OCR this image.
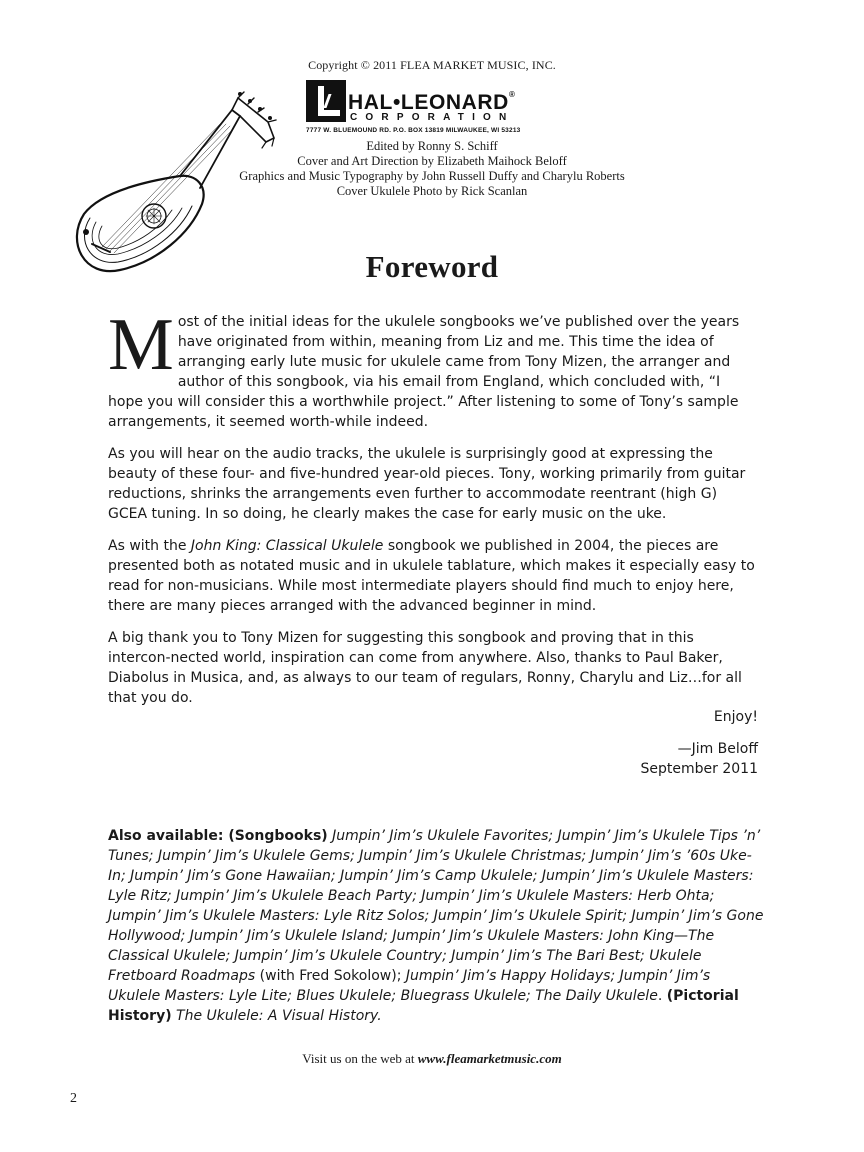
Copyright © 2011 FLEA MARKET MUSIC, INC.
HAL•LEONARD®
CORPORATION
7777 W. BLUEMOUND RD. P.O. BOX 13819 MILWAUKEE, WI 53213
Edited by Ronny S. Schiff
Cover and Art Direction by Elizabeth Maihock Beloff
Graphics and Music Typography by John Russell Duffy and Charylu Roberts
Cover Ukulele Photo by Rick Scanlan
Foreword

Most of the initial ideas for the ukulele songbooks we’ve published over the years have originated from within, meaning from Liz and me. This time the idea of arranging early lute music for ukulele came from Tony Mizen, the arranger and author of this songbook, via his email from England, which concluded with, “I hope you will consider this a worthwhile project.” After listening to some of Tony’s sample arrangements, it seemed worth-while indeed.

As you will hear on the audio tracks, the ukulele is surprisingly good at expressing the beauty of these four- and five-hundred year-old pieces. Tony, working primarily from guitar reductions, shrinks the arrangements even further to accommodate reentrant (high G) GCEA tuning. In so doing, he clearly makes the case for early music on the uke.

As with the John King: Classical Ukulele songbook we published in 2004, the pieces are presented both as notated music and in ukulele tablature, which makes it especially easy to read for non-musicians. While most intermediate players should find much to enjoy here, there are many pieces arranged with the advanced beginner in mind.

A big thank you to Tony Mizen for suggesting this songbook and proving that in this intercon-nected world, inspiration can come from anywhere. Also, thanks to Paul Baker, Diabolus in Musica, and, as always to our team of regulars, Ronny, Charylu and Liz…for all that you do.

Enjoy!
—Jim Beloff
September 2011
Also available: (Songbooks) Jumpin’ Jim’s Ukulele Favorites; Jumpin’ Jim’s Ukulele Tips ’n’ Tunes; Jumpin’ Jim’s Ukulele Gems; Jumpin’ Jim’s Ukulele Christmas; Jumpin’ Jim’s ’60s Uke-In; Jumpin’ Jim’s Gone Hawaiian; Jumpin’ Jim’s Camp Ukulele; Jumpin’ Jim’s Ukulele Masters: Lyle Ritz; Jumpin’ Jim’s Ukulele Beach Party; Jumpin’ Jim’s Ukulele Masters: Herb Ohta; Jumpin’ Jim’s Ukulele Masters: Lyle Ritz Solos; Jumpin’ Jim’s Ukulele Spirit; Jumpin’ Jim’s Gone Hollywood; Jumpin’ Jim’s Ukulele Island; Jumpin’ Jim’s Ukulele Masters: John King—The Classical Ukulele; Jumpin’ Jim’s Ukulele Country; Jumpin’ Jim’s The Bari Best; Ukulele Fretboard Roadmaps (with Fred Sokolow); Jumpin’ Jim’s Happy Holidays; Jumpin’ Jim’s Ukulele Masters: Lyle Lite; Blues Ukulele; Bluegrass Ukulele; The Daily Ukulele. (Pictorial History) The Ukulele: A Visual History.
Visit us on the web at www.fleamarketmusic.com
2
